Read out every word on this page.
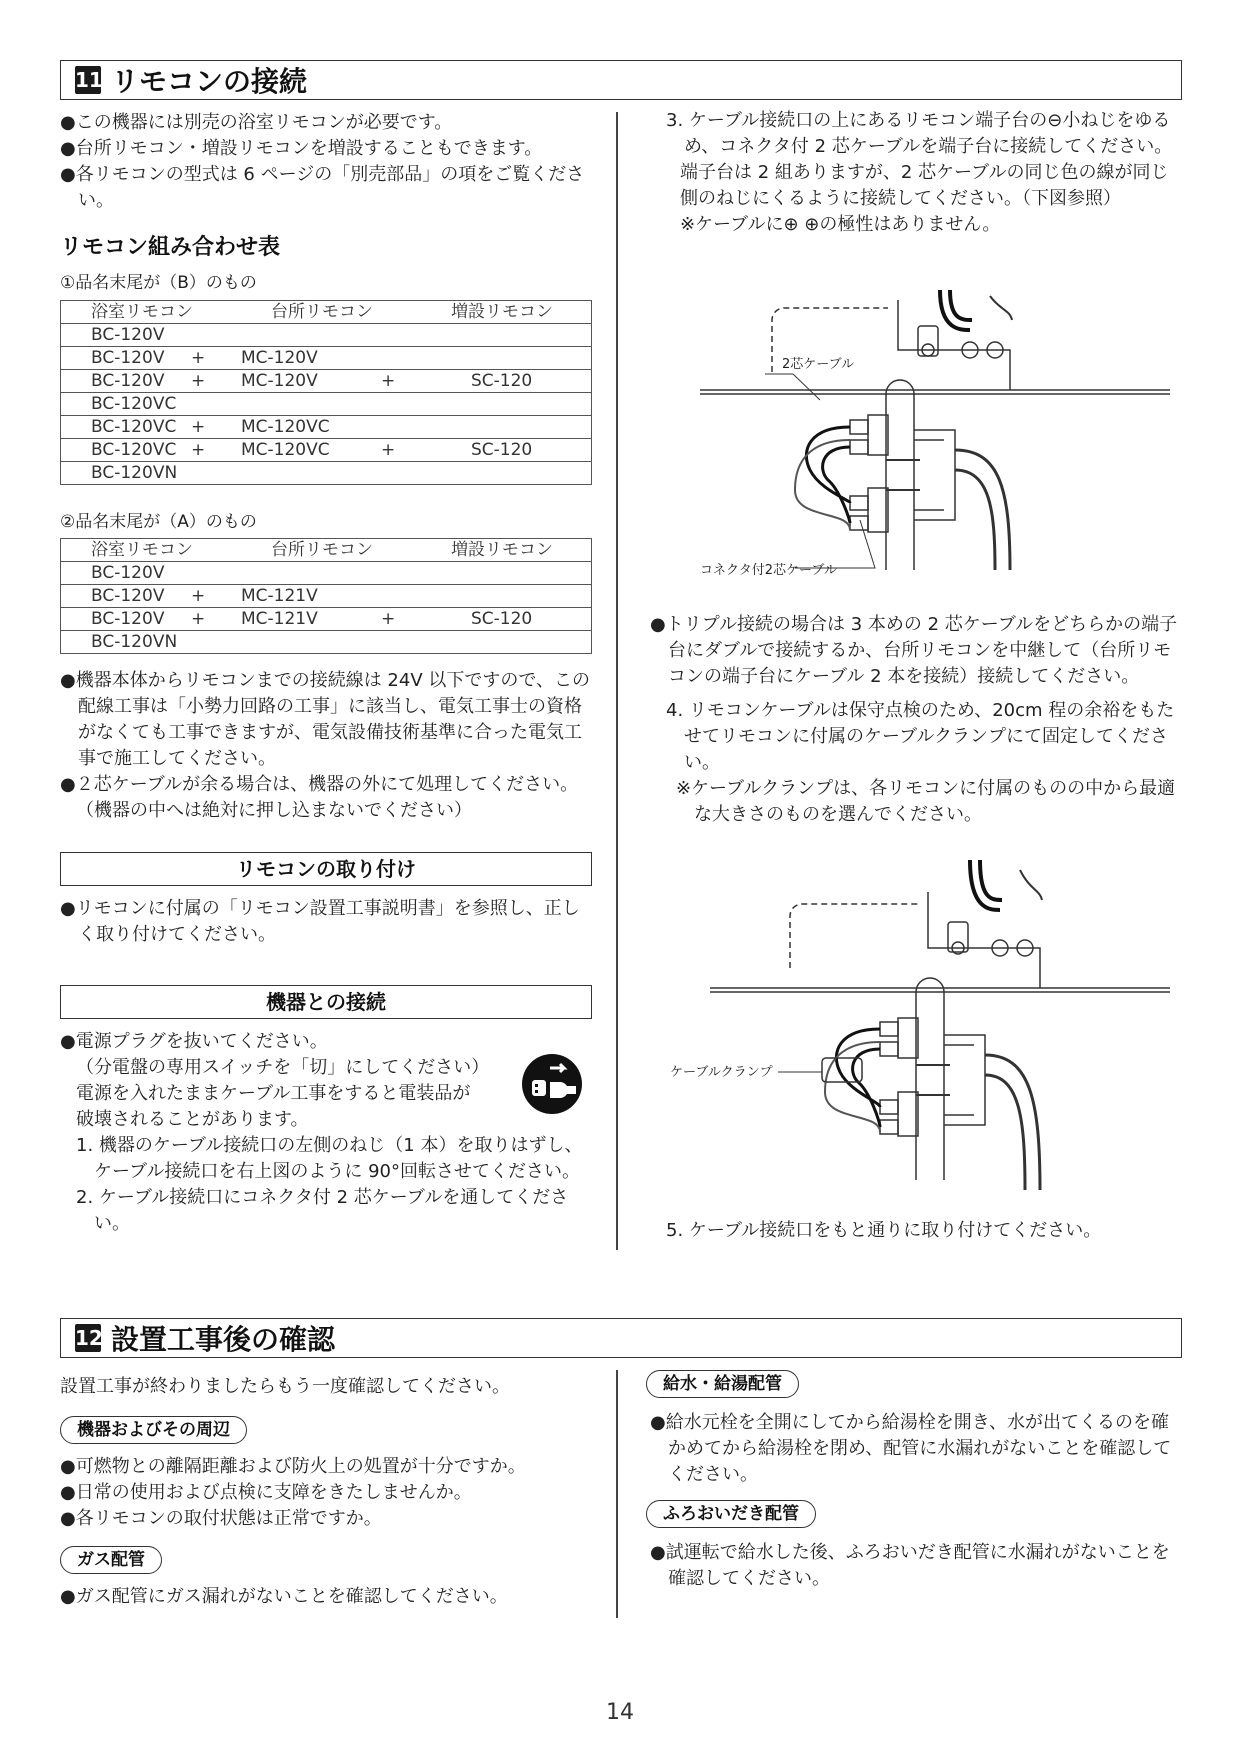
11 リモコンの接続

●この機器には別売の浴室リモコンが必要です。

●台所リモコン・増設リモコンを増設することもできます。

●各リモコンの型式は 6 ページの「別売部品」の項をご覧ください。

リモコン組み合わせ表
①品名末尾が（B）のもの
浴室リモコン	台所リモコン	増設リモコン

BC-120V

BC-120V + MC-120V

BC-120V + MC-120V	+	SC-120

BC-120VC

BC-120VC + MC-120VC

BC-120VC + MC-120VC	+	SC-120

BC-120VN
②品名末尾が（A）のもの
浴室リモコン	台所リモコン	増設リモコン

BC-120V

BC-120V + MC-121V

BC-120V + MC-121V	+	SC-120

BC-120VN

●機器本体からリモコンまでの接続線は 24V 以下ですので、この配線工事は「小勢力回路の工事」に該当し、電気工事士の資格がなくても工事できますが、電気設備技術基準に合った電気工事で施工してください。

●２芯ケーブルが余る場合は、機器の外にて処理してください。

（機器の中へは絶対に押し込まないでください）

リモコンの取り付け

●リモコンに付属の「リモコン設置工事説明書」を参照し、正しく取り付けてください。

機器との接続

●電源プラグを抜いてください。

（分電盤の専用スイッチを「切」にしてください）

電源を入れたままケーブル工事をすると電装品が

破壊されることがあります。

1. 機器のケーブル接続口の左側のねじ（1 本）を取りはずし、ケーブル接続口を右上図のように 90°回転させてください。

2. ケーブル接続口にコネクタ付 2 芯ケーブルを通してください。

3. ケーブル接続口の上にあるリモコン端子台の⊖小ねじをゆるめ、コネクタ付 2 芯ケーブルを端子台に接続してください。

端子台は 2 組ありますが、2 芯ケーブルの同じ色の線が同じ側のねじにくるように接続してください。（下図参照）

※ケーブルに⊕ ⊕の極性はありません。

2芯ケーブル
コネクタ付2芯ケーブル

●トリプル接続の場合は 3 本めの 2 芯ケーブルをどちらかの端子台にダブルで接続するか、台所リモコンを中継して（台所リモコンの端子台にケーブル 2 本を接続）接続してください。

4. リモコンケーブルは保守点検のため、20cm 程の余裕をもたせてリモコンに付属のケーブルクランプにて固定してください。

※ケーブルクランプは、各リモコンに付属のものの中から最適な大きさのものを選んでください。

ケーブルクランプ

5. ケーブル接続口をもと通りに取り付けてください。

12 設置工事後の確認

設置工事が終わりましたらもう一度確認してください。

機器およびその周辺

●可燃物との離隔距離および防火上の処置が十分ですか。

●日常の使用および点検に支障をきたしませんか。

●各リモコンの取付状態は正常ですか。

ガス配管

●ガス配管にガス漏れがないことを確認してください。

給水・給湯配管

●給水元栓を全開にしてから給湯栓を開き、水が出てくるのを確かめてから給湯栓を閉め、配管に水漏れがないことを確認してください。

ふろおいだき配管

●試運転で給水した後、ふろおいだき配管に水漏れがないことを確認してください。

14
